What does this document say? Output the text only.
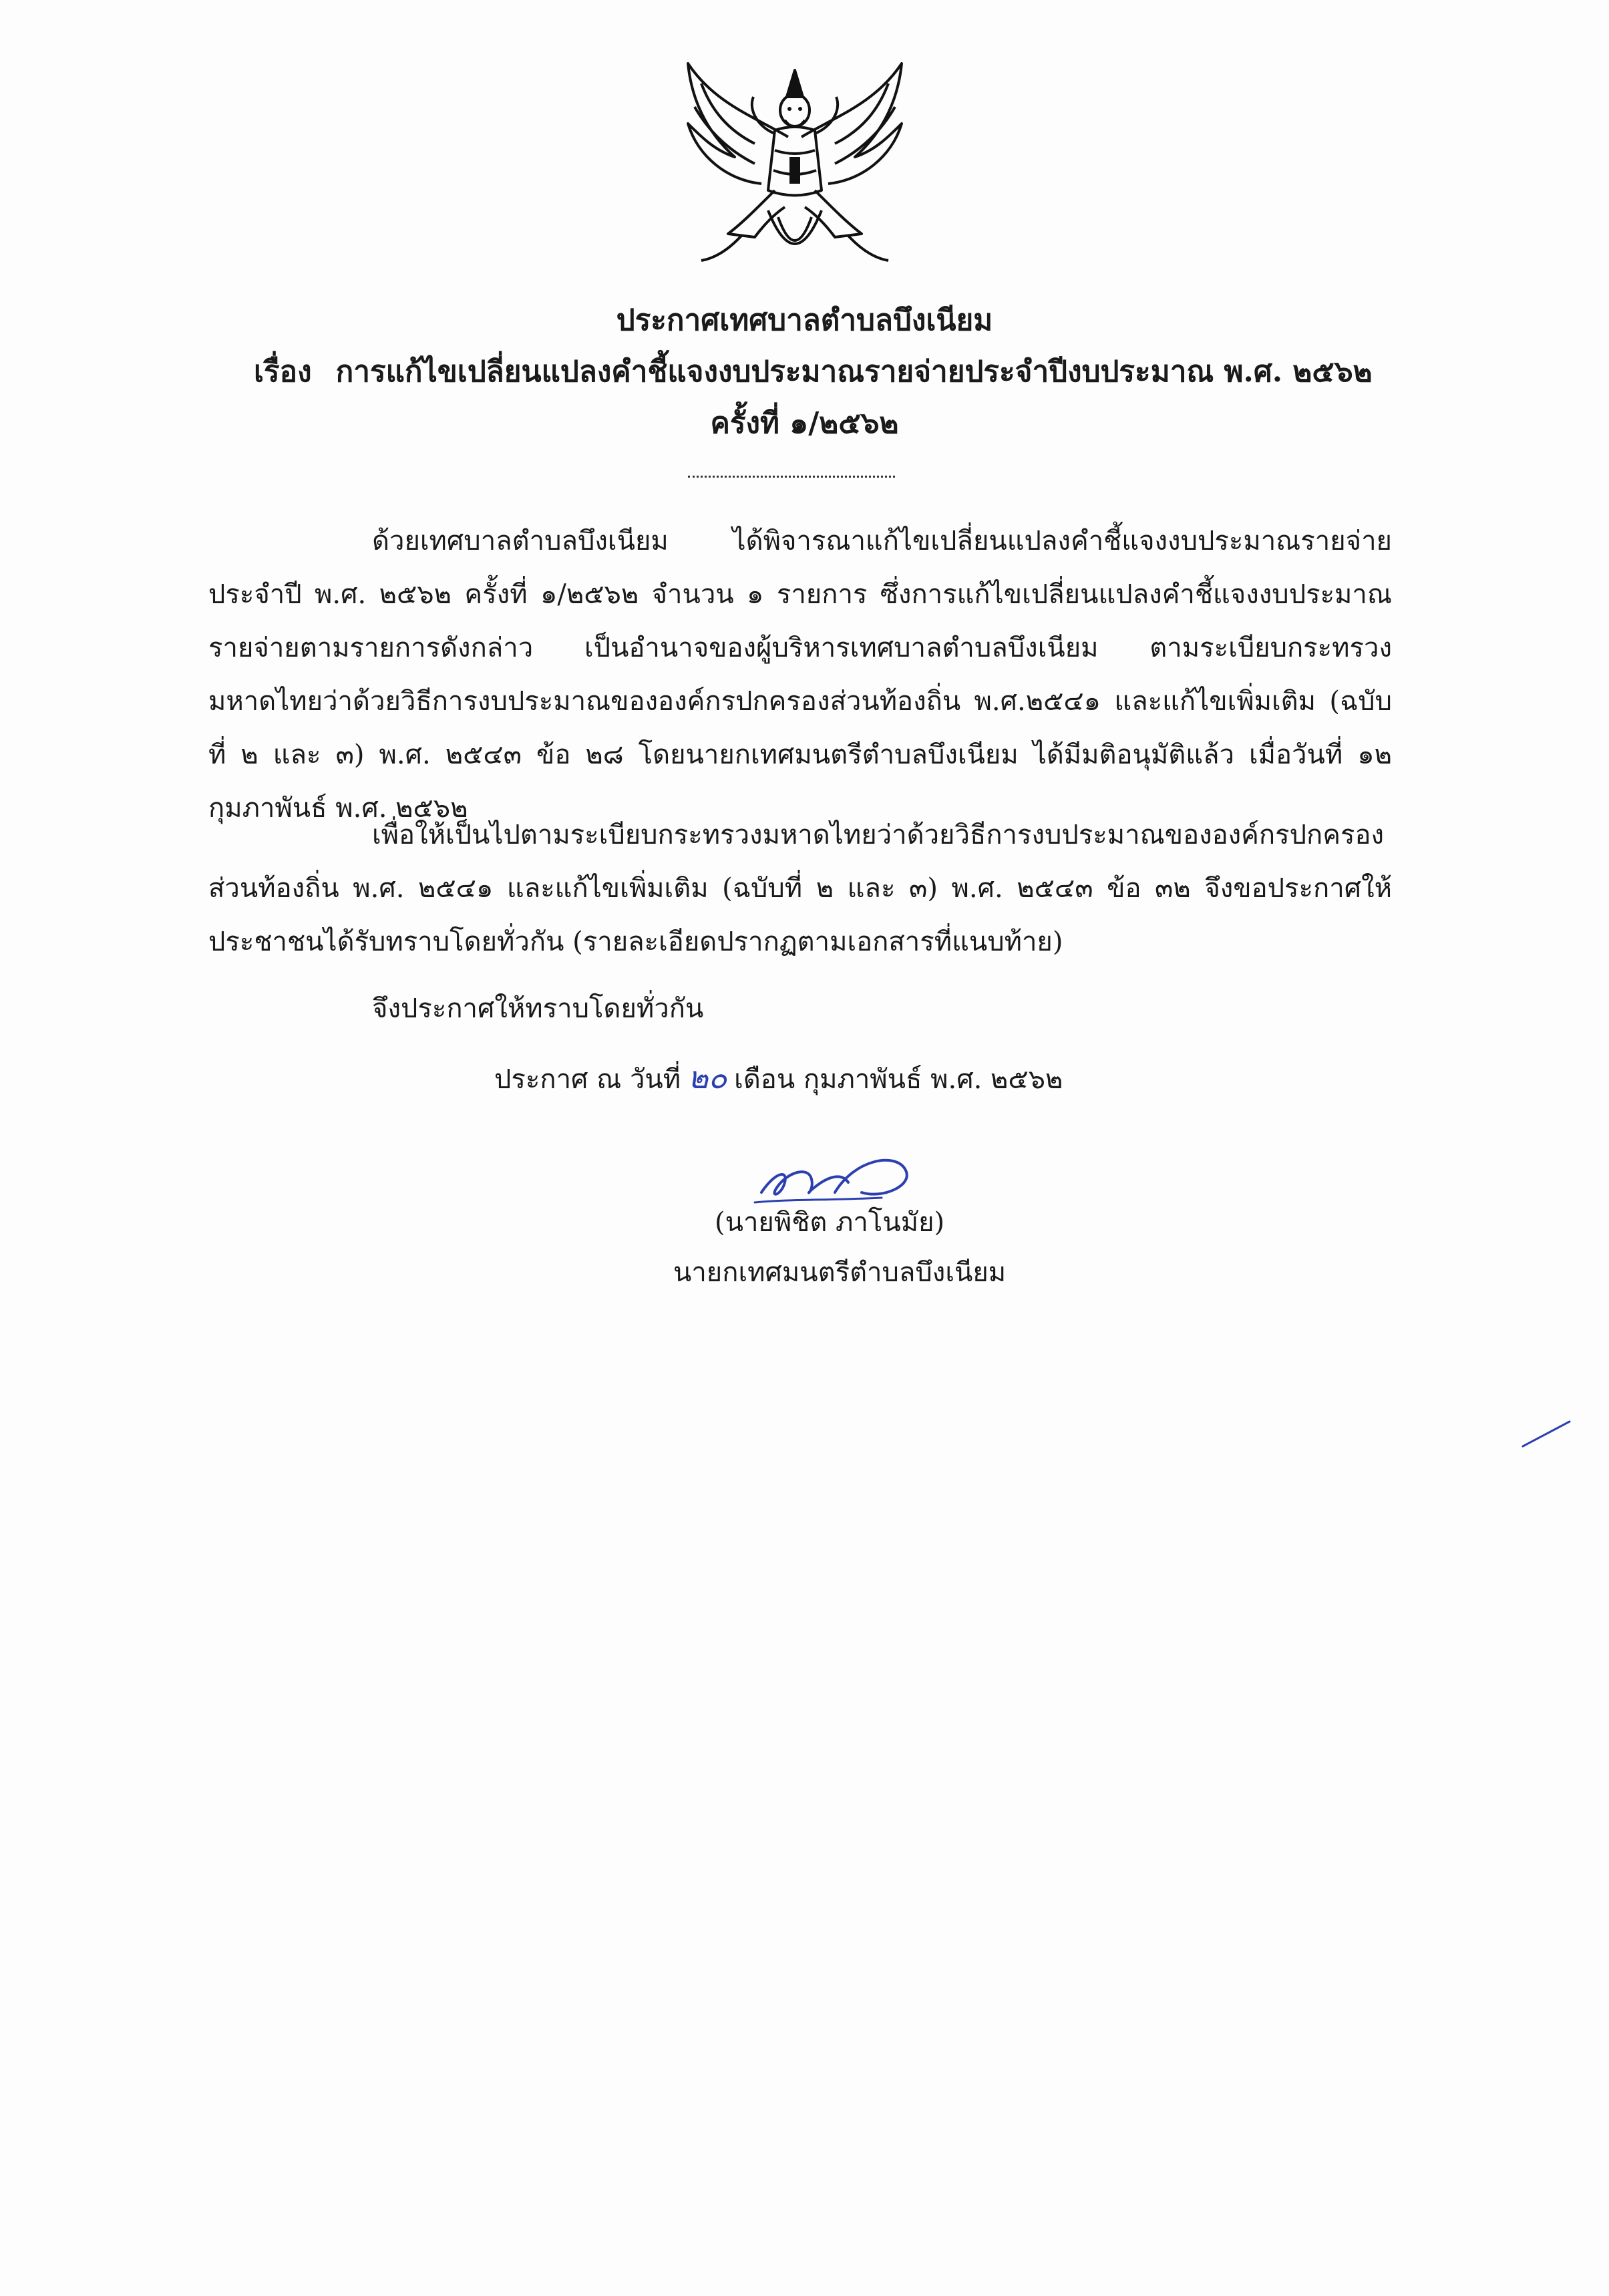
ประกาศเทศบาลตำบลบึงเนียม
เรื่อง การแก้ไขเปลี่ยนแปลงคำชี้แจงงบประมาณรายจ่ายประจำปีงบประมาณ พ.ศ. ๒๕๖๒
ครั้งที่ ๑/๒๕๖๒
ด้วยเทศบาลตำบลบึงเนียม ได้พิจารณาแก้ไขเปลี่ยนแปลงคำชี้แจงงบประมาณรายจ่ายประจำปี พ.ศ. ๒๕๖๒ ครั้งที่ ๑/๒๕๖๒ จำนวน ๑ รายการ ซึ่งการแก้ไขเปลี่ยนแปลงคำชี้แจงงบประมาณรายจ่ายตามรายการดังกล่าว เป็นอำนาจของผู้บริหารเทศบาลตำบลบึงเนียม ตามระเบียบกระทรวงมหาดไทยว่าด้วยวิธีการงบประมาณขององค์กรปกครองส่วนท้องถิ่น พ.ศ.๒๕๔๑ และแก้ไขเพิ่มเติม (ฉบับที่ ๒ และ ๓) พ.ศ. ๒๕๔๓ ข้อ ๒๘ โดยนายกเทศมนตรีตำบลบึงเนียม ได้มีมติอนุมัติแล้ว เมื่อวันที่ ๑๒ กุมภาพันธ์ พ.ศ. ๒๕๖๒
เพื่อให้เป็นไปตามระเบียบกระทรวงมหาดไทยว่าด้วยวิธีการงบประมาณขององค์กรปกครองส่วนท้องถิ่น พ.ศ. ๒๕๔๑ และแก้ไขเพิ่มเติม (ฉบับที่ ๒ และ ๓) พ.ศ. ๒๕๔๓ ข้อ ๓๒ จึงขอประกาศให้ประชาชนได้รับทราบโดยทั่วกัน (รายละเอียดปรากฏตามเอกสารที่แนบท้าย)
จึงประกาศให้ทราบโดยทั่วกัน
ประกาศ ณ วันที่ ๒๐ เดือน กุมภาพันธ์ พ.ศ. ๒๕๖๒
(นายพิชิต ภาโนมัย)
นายกเทศมนตรีตำบลบึงเนียม
